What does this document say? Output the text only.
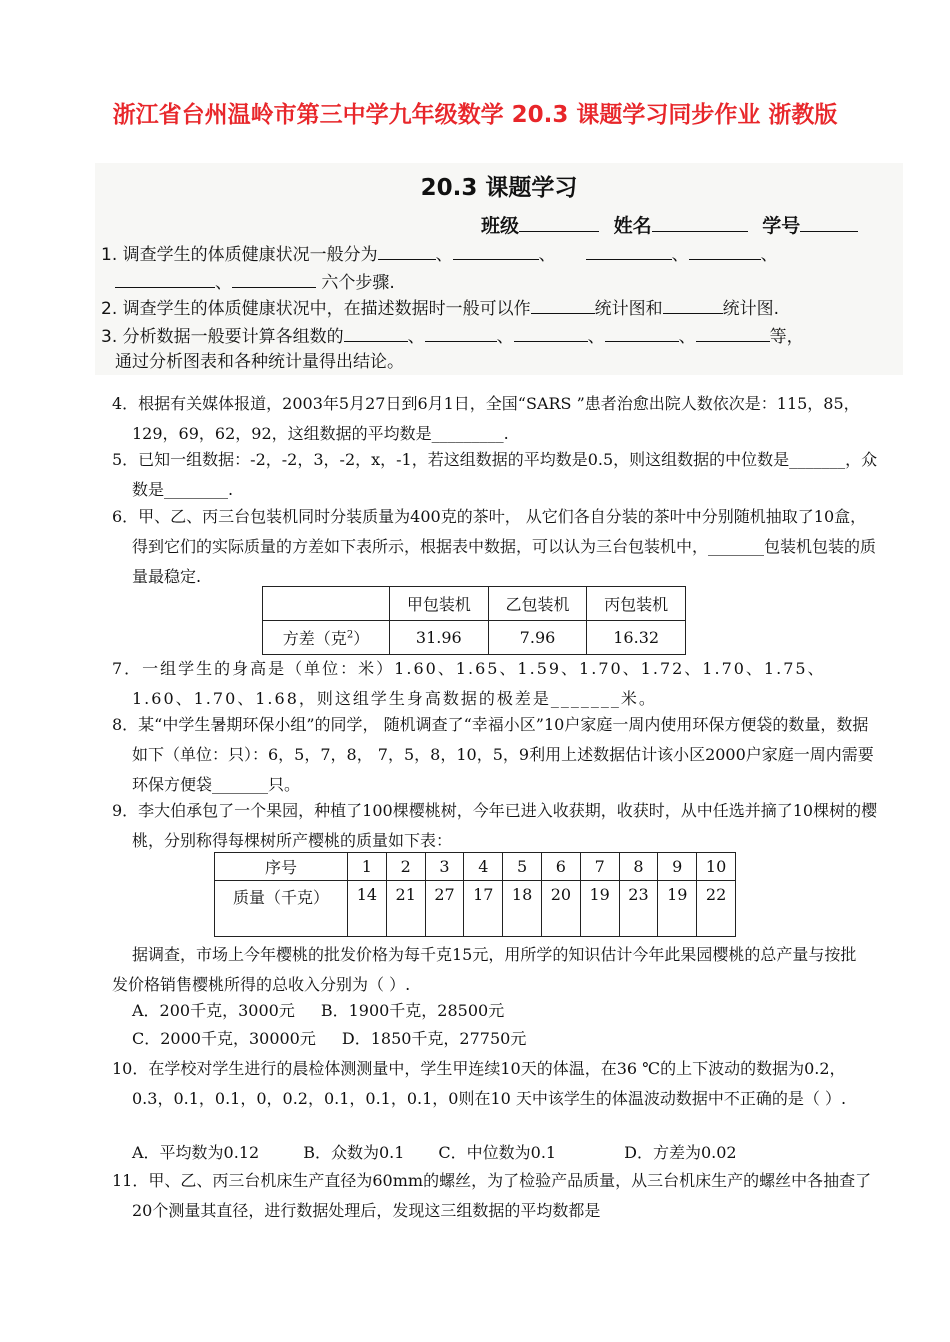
浙江省台州温岭市第三中学九年级数学 20.3 课题学习同步作业 浙教版
20.3 课题学习
班级	姓名	学号
1. 调查学生的体质健康状况一般分为	、	、	、	、
、	六个步骤.
2. 调查学生的体质健康状况中，在描述数据时一般可以作	统计图和	统计图.
3. 分析数据一般要计算各组数的	、	、	、	、	等，
通过分析图表和各种统计量得出结论。
4．根据有关媒体报道，2003年5月27日到6月1日，全国“SARS ”患者治愈出院人数依次是：115，85，129，69，62，92，这组数据的平均数是_________.
5．已知一组数据：-2，-2，3，-2，x，-1，若这组数据的平均数是0.5，则这组数据的中位数是_______，众数是________.
6．甲、乙、丙三台包装机同时分装质量为400克的茶叶， 从它们各自分装的茶叶中分别随机抽取了10盒， 得到它们的实际质量的方差如下表所示，根据表中数据，可以认为三台包装机中，_______包装机包装的质量最稳定.
	甲包装机	乙包装机	丙包装机
方差（克$^2$）	31.96	7.96	16.32
7．一组学生的身高是（单位：米）1.60、1.65、1.59、1.70、1.72、1.70、1.75、1.60、1.70、1.68，则这组学生身高数据的极差是_______米。
8．某“中学生暑期环保小组”的同学， 随机调查了“幸福小区”10户家庭一周内使用环保方便袋的数量，数据如下（单位：只）：6，5，7，8， 7，5，8，10，5，9利用上述数据估计该小区2000户家庭一周内需要环保方便袋_______只。
9．李大伯承包了一个果园，种植了100棵樱桃树，今年已进入收获期，收获时，从中任选并摘了10棵树的樱桃，分别称得每棵树所产樱桃的质量如下表：
序号	1	2	3	4	5	6	7	8	9	10
质量（千克）	14	21	27	17	18	20	19	23	19	22
据调查，市场上今年樱桃的批发价格为每千克15元，用所学的知识估计今年此果园樱桃的总产量与按批发价格销售樱桃所得的总收入分别为（ ）.
A．200千克，3000元 B．1900千克，28500元
C．2000千克，30000元 D．1850千克，27750元
10．在学校对学生进行的晨检体测测量中，学生甲连续10天的体温，在36 ℃的上下波动的数据为0.2，0.3，0.1，0.1，0，0.2，0.1，0.1，0.1，0则在10 天中该学生的体温波动数据中不正确的是（ ）.
A．平均数为0.12	B．众数为0.1 C．中位数为0.1	D．方差为0.02
11．甲、乙、丙三台机床生产直径为60mm的螺丝，为了检验产品质量，从三台机床生产的螺丝中各抽查了20个测量其直径，进行数据处理后，发现这三组数据的平均数都是
